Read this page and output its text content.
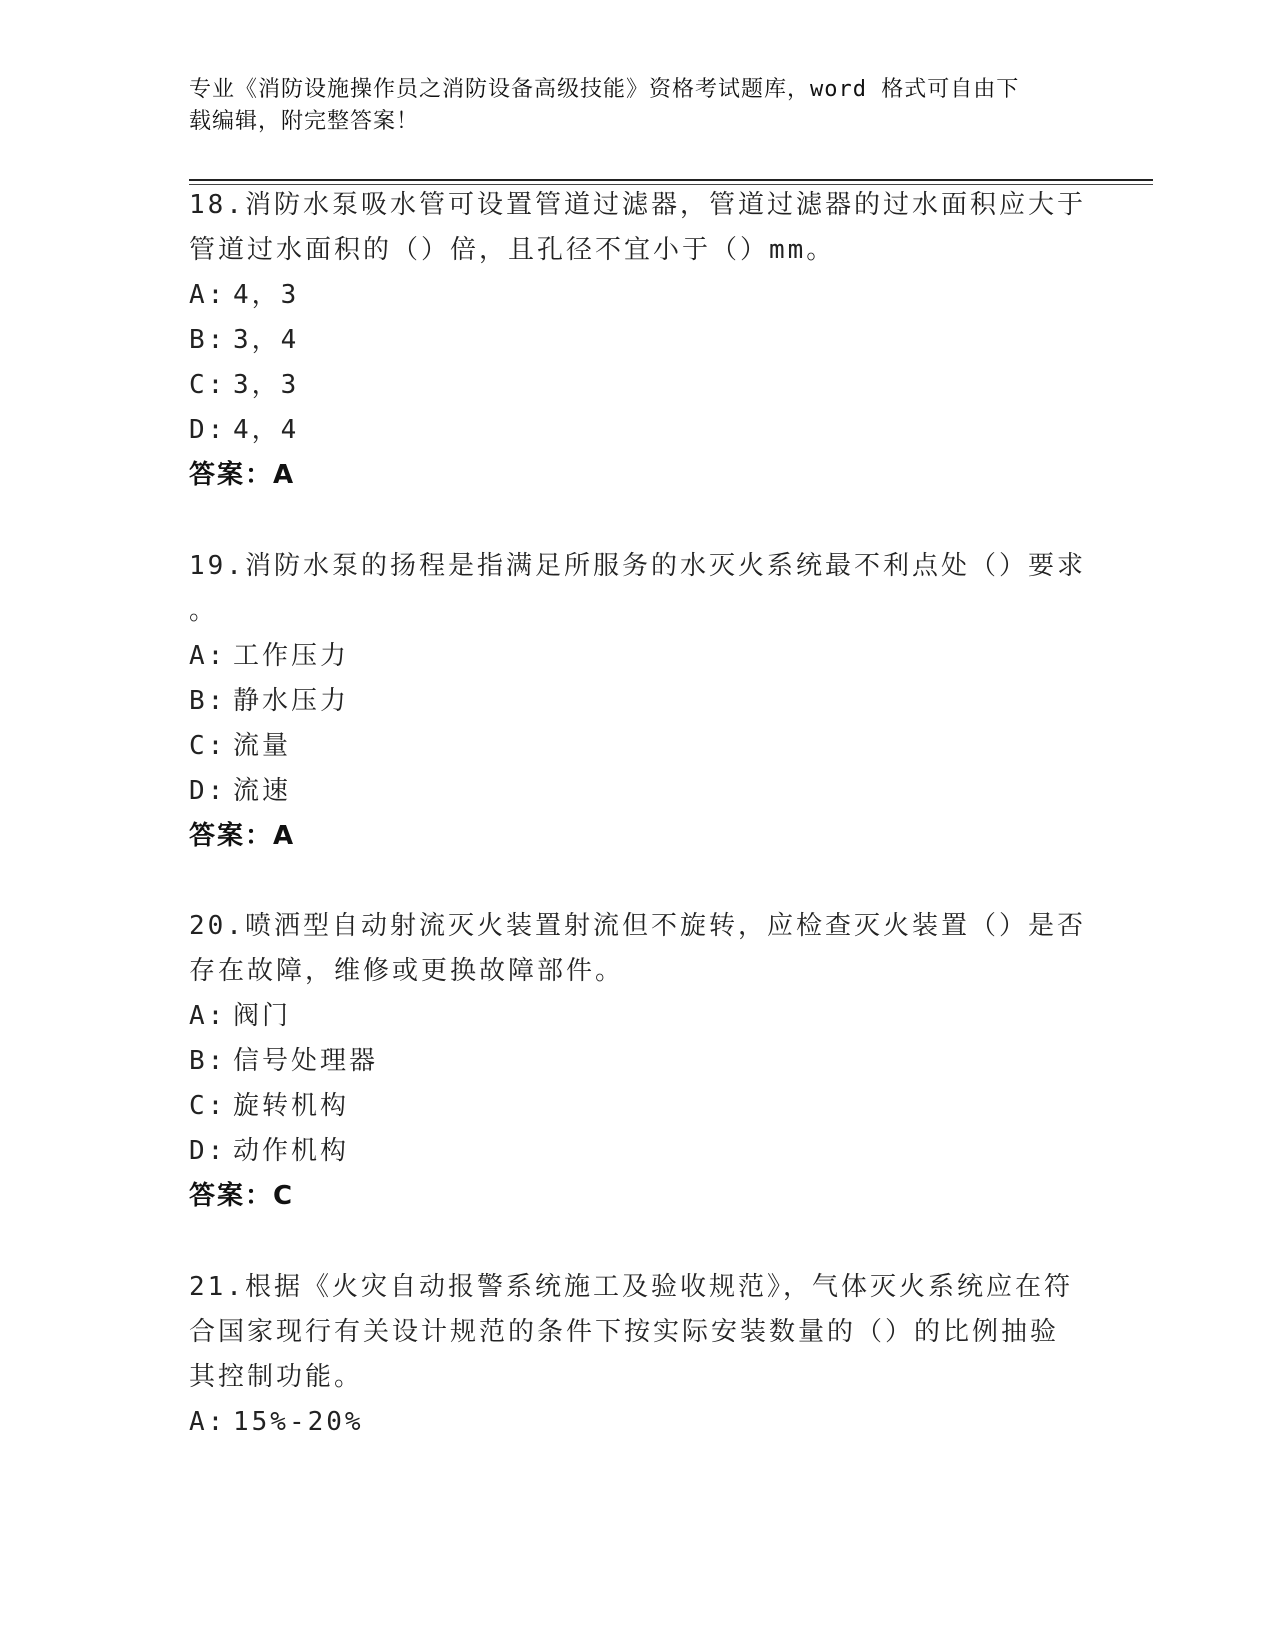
专业《消防设施操作员之消防设备高级技能》资格考试题库，word 格式可自由下
载编辑，附完整答案！

18.消防水泵吸水管可设置管道过滤器，管道过滤器的过水面积应大于

管道过水面积的（）倍，且孔径不宜小于（）mm。

A: 4，3

B: 3，4

C: 3，3

D: 4，4

答案：A

19.消防水泵的扬程是指满足所服务的水灭火系统最不利点处（）要求

。

A: 工作压力

B: 静水压力

C: 流量

D: 流速

答案：A

20.喷洒型自动射流灭火装置射流但不旋转，应检查灭火装置（）是否

存在故障，维修或更换故障部件。

A: 阀门

B: 信号处理器

C: 旋转机构

D: 动作机构

答案：C

21.根据《火灾自动报警系统施工及验收规范》，气体灭火系统应在符

合国家现行有关设计规范的条件下按实际安装数量的（）的比例抽验

其控制功能。

A: 15%-20%
